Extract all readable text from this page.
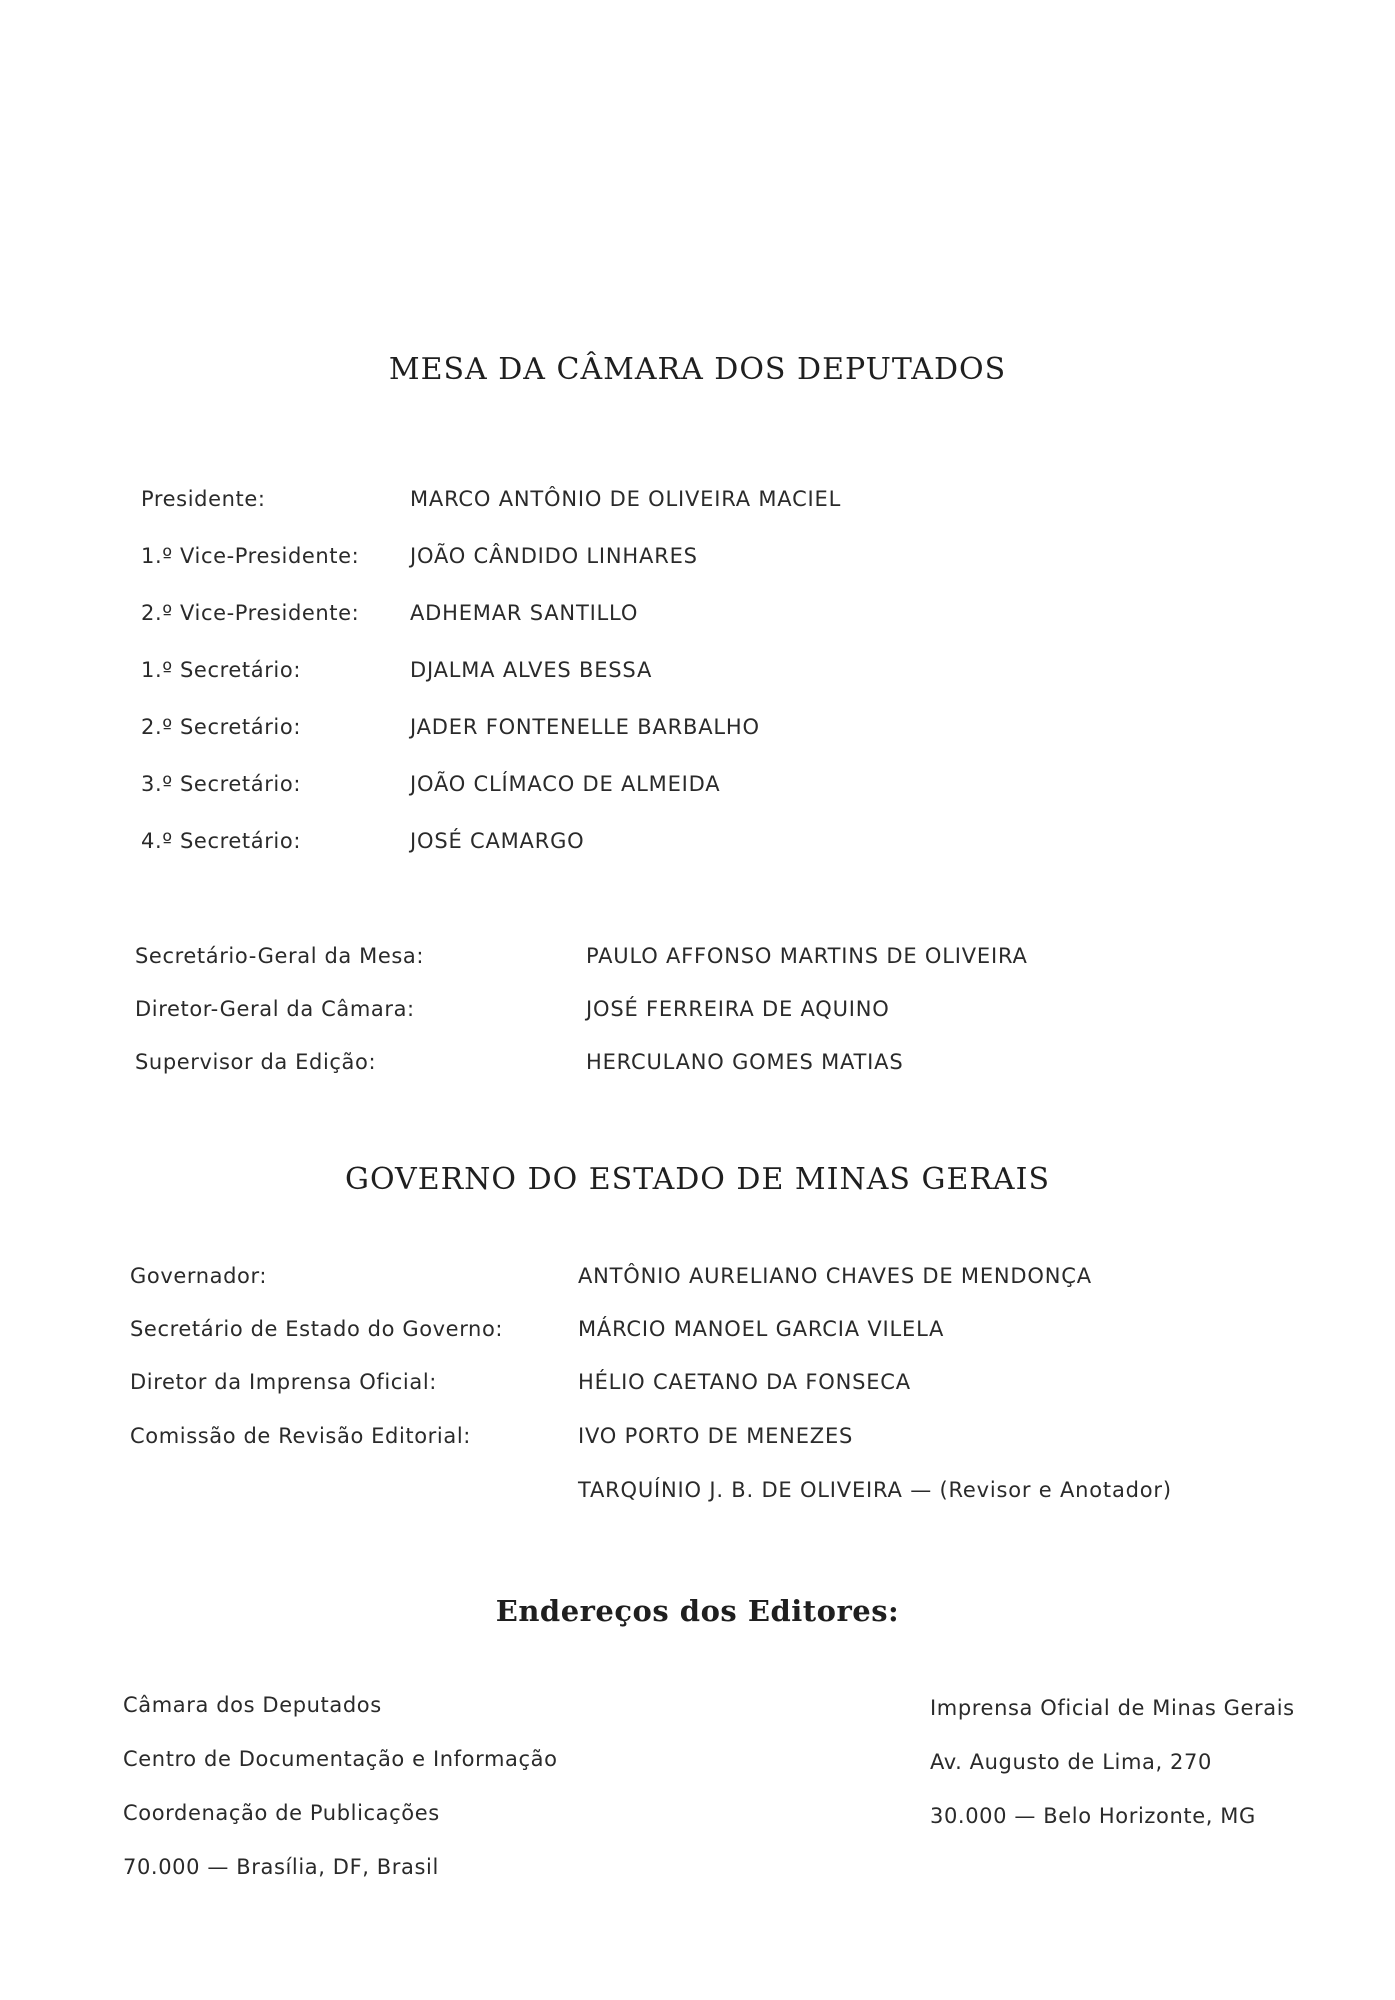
MESA DA CÂMARA DOS DEPUTADOS
Presidente:	MARCO ANTÔNIO DE OLIVEIRA MACIEL
1.º Vice-Presidente: JOÃO CÂNDIDO LINHARES
2.º Vice-Presidente: ADHEMAR SANTILLO
1.º Secretário:	DJALMA ALVES BESSA
2.º Secretário:	JADER FONTENELLE BARBALHO
3.º Secretário:	JOÃO CLÍMACO DE ALMEIDA
4.º Secretário:	JOSÉ CAMARGO
Secretário-Geral da Mesa:	PAULO AFFONSO MARTINS DE OLIVEIRA
Diretor-Geral da Câmara:	JOSÉ FERREIRA DE AQUINO
Supervisor da Edição:	HERCULANO GOMES MATIAS
GOVERNO DO ESTADO DE MINAS GERAIS
Governador:	ANTÔNIO AURELIANO CHAVES DE MENDONÇA
Secretário de Estado do Governo:	MÁRCIO MANOEL GARCIA VILELA
Diretor da Imprensa Oficial:	HÉLIO CAETANO DA FONSECA
Comissão de Revisão Editorial:	IVO PORTO DE MENEZES
TARQUÍNIO J. B. DE OLIVEIRA — (Revisor e Anotador)
Endereços dos Editores:
Câmara dos Deputados
Centro de Documentação e Informação
Coordenação de Publicações
70.000 — Brasília, DF, Brasil
Imprensa Oficial de Minas Gerais
Av. Augusto de Lima, 270
30.000 — Belo Horizonte, MG
